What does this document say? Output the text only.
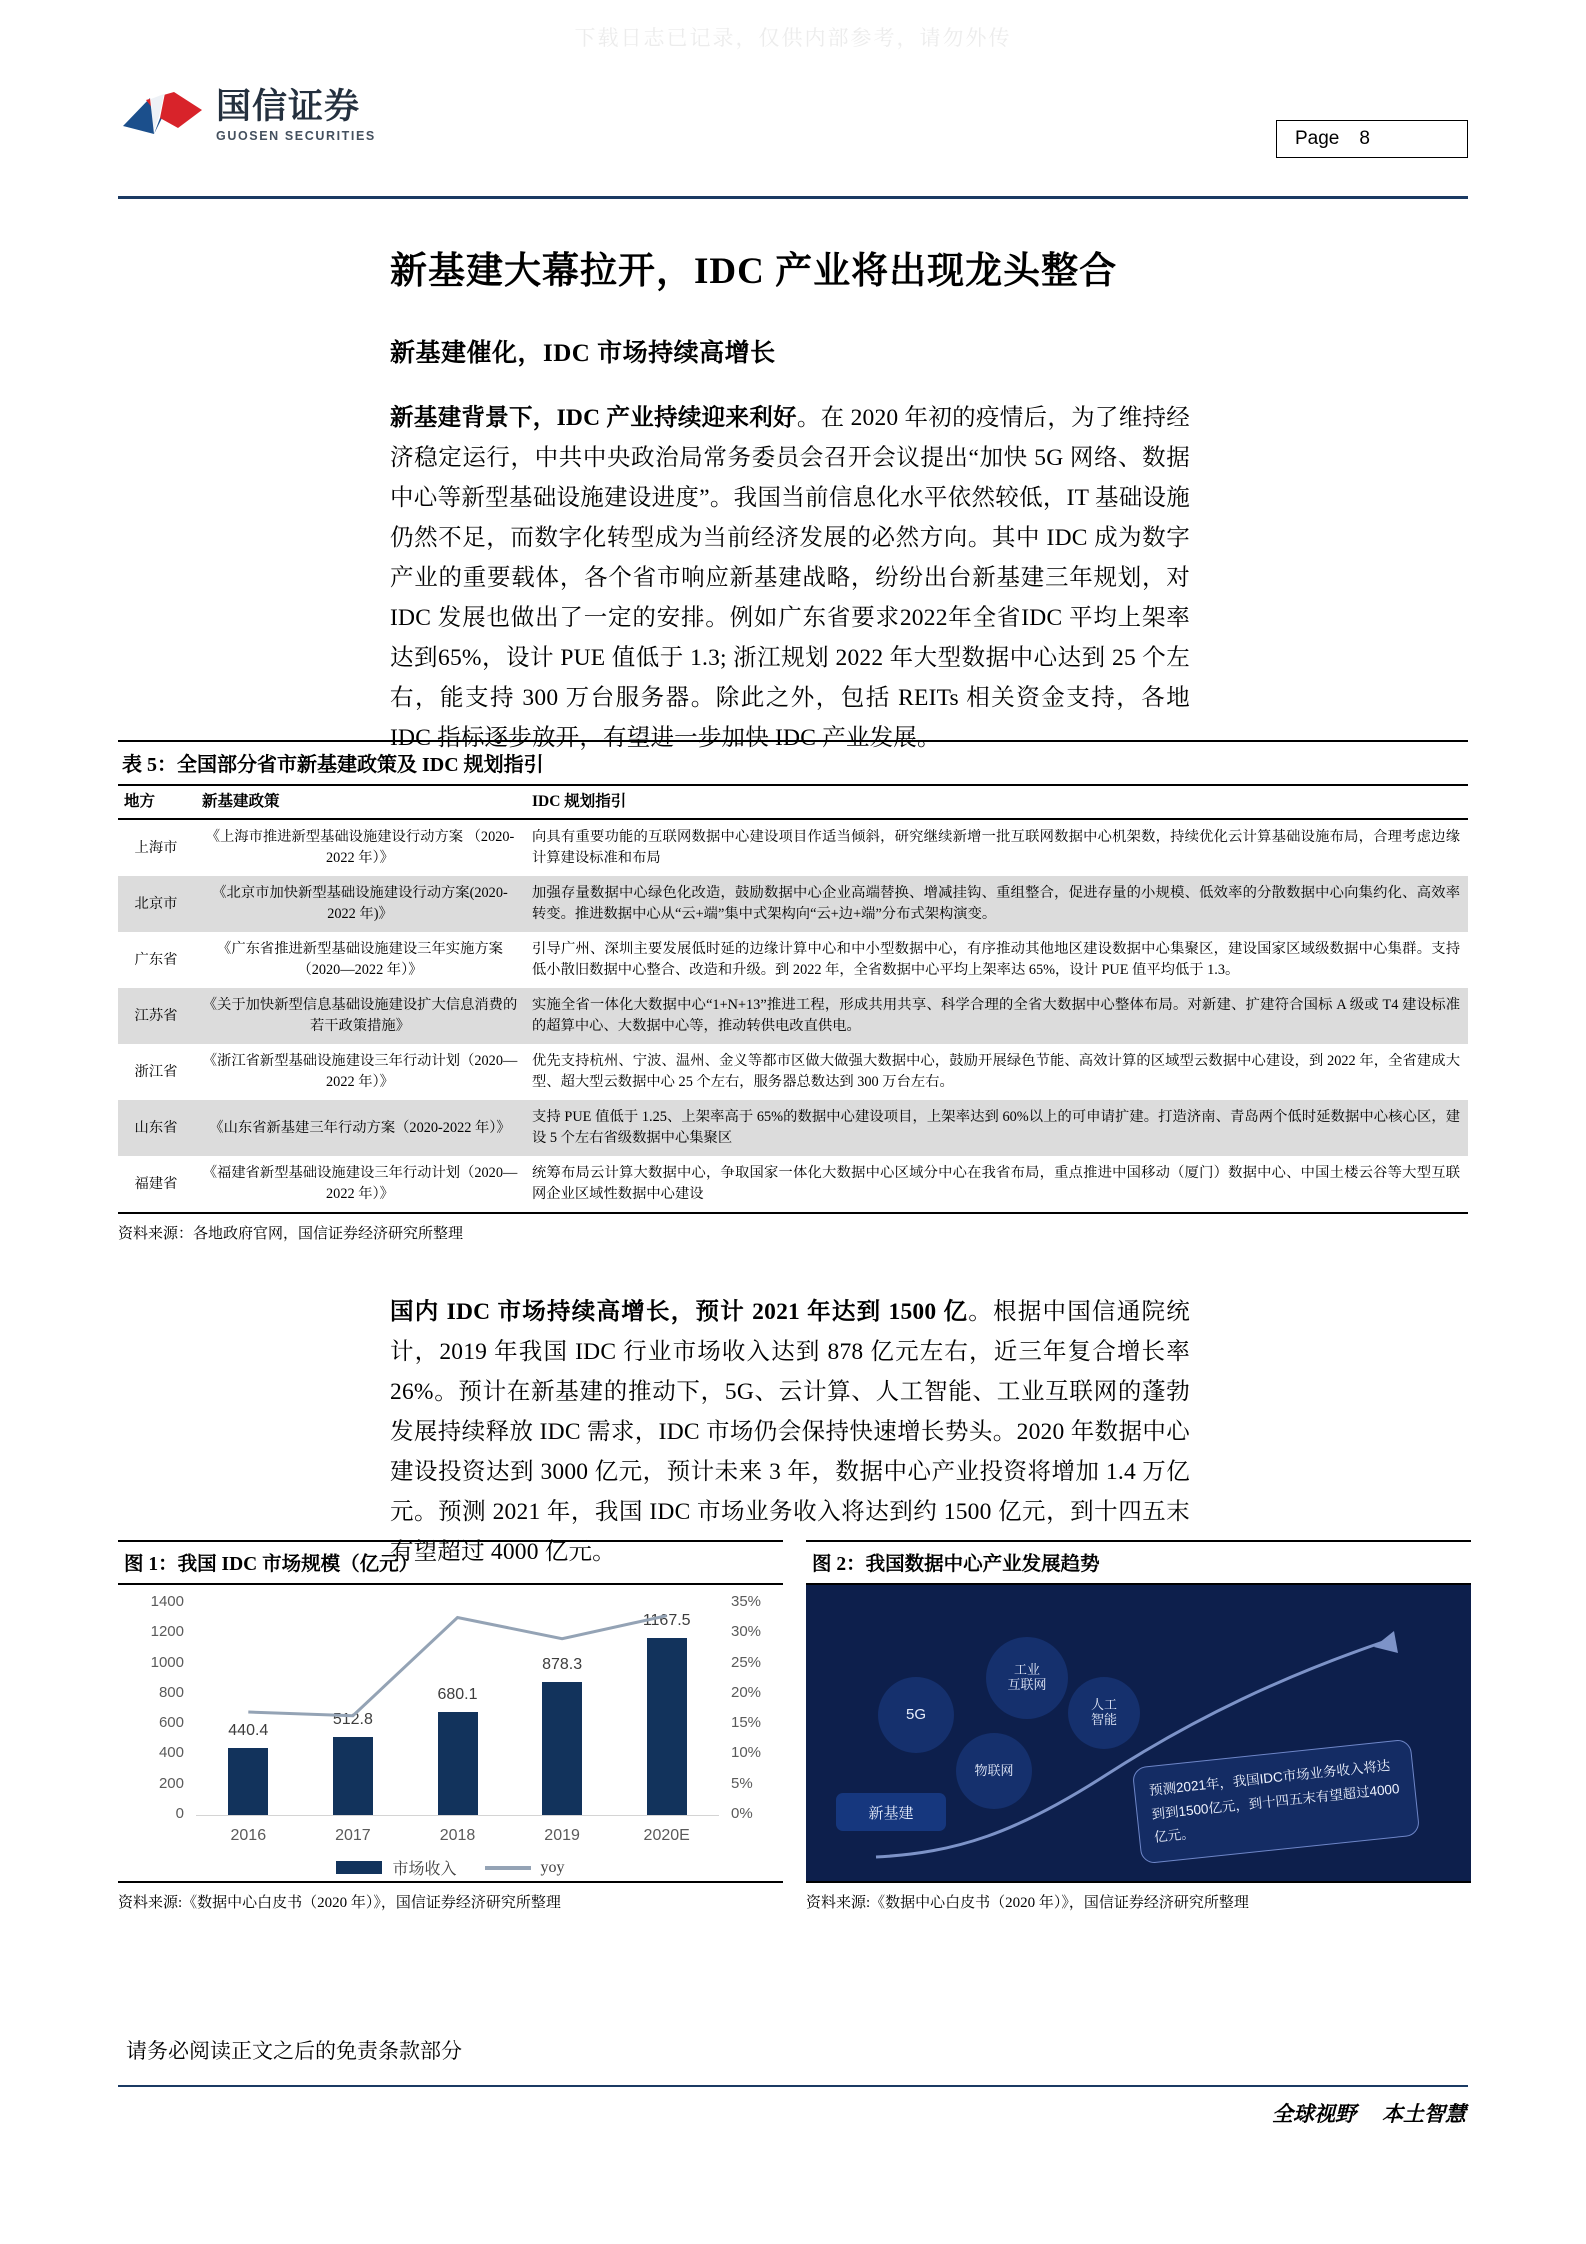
下载日志已记录，仅供内部参考，请勿外传
国信证券
GUOSEN SECURITIES	Page 8
新基建大幕拉开，IDC 产业将出现龙头整合
新基建催化，IDC 市场持续高增长
新基建背景下，IDC 产业持续迎来利好。在 2020 年初的疫情后，为了维持经济稳定运行，中共中央政治局常务委员会召开会议提出“加快 5G 网络、数据中心等新型基础设施建设进度”。我国当前信息化水平依然较低，IT 基础设施仍然不足，而数字化转型成为当前经济发展的必然方向。其中 IDC 成为数字产业的重要载体，各个省市响应新基建战略，纷纷出台新基建三年规划，对 IDC 发展也做出了一定的安排。例如广东省要求2022年全省IDC 平均上架率达到65%，设计 PUE 值低于 1.3; 浙江规划 2022 年大型数据中心达到 25 个左右，能支持 300 万台服务器。除此之外，包括 REITs 相关资金支持，各地 IDC 指标逐步放开，有望进一步加快 IDC 产业发展。
表 5：全国部分省市新基建政策及 IDC 规划指引
地方	新基建政策	IDC 规划指引
上海市	《上海市推进新型基础设施建设行动方案 （2020-2022 年）》	向具有重要功能的互联网数据中心建设项目作适当倾斜，研究继续新增一批互联网数据中心机架数，持续优化云计算基础设施布局，合理考虑边缘计算建设标准和布局
北京市	《北京市加快新型基础设施建设行动方案(2020-2022 年)》	加强存量数据中心绿色化改造，鼓励数据中心企业高端替换、增减挂钩、重组整合，促进存量的小规模、低效率的分散数据中心向集约化、高效率转变。推进数据中心从“云+端”集中式架构向“云+边+端”分布式架构演变。
广东省	《广东省推进新型基础设施建设三年实施方案（2020—2022 年）》	引导广州、深圳主要发展低时延的边缘计算中心和中小型数据中心，有序推动其他地区建设数据中心集聚区，建设国家区域级数据中心集群。支持低小散旧数据中心整合、改造和升级。到 2022 年，全省数据中心平均上架率达 65%，设计 PUE 值平均低于 1.3。
江苏省	《关于加快新型信息基础设施建设扩大信息消费的若干政策措施》	实施全省一体化大数据中心“1+N+13”推进工程，形成共用共享、科学合理的全省大数据中心整体布局。对新建、扩建符合国标 A 级或 T4 建设标准的超算中心、大数据中心等，推动转供电改直供电。
浙江省	《浙江省新型基础设施建设三年行动计划（2020—2022 年）》	优先支持杭州、宁波、温州、金义等都市区做大做强大数据中心，鼓励开展绿色节能、高效计算的区域型云数据中心建设，到 2022 年，全省建成大型、超大型云数据中心 25 个左右，服务器总数达到 300 万台左右。
山东省	《山东省新基建三年行动方案（2020-2022 年）》	支持 PUE 值低于 1.25、上架率高于 65%的数据中心建设项目，上架率达到 60%以上的可申请扩建。打造济南、青岛两个低时延数据中心核心区，建设 5 个左右省级数据中心集聚区
福建省	《福建省新型基础设施建设三年行动计划（2020—2022 年）》	统筹布局云计算大数据中心，争取国家一体化大数据中心区域分中心在我省布局，重点推进中国移动（厦门）数据中心、中国土楼云谷等大型互联网企业区域性数据中心建设
资料来源：各地政府官网，国信证券经济研究所整理
国内 IDC 市场持续高增长，预计 2021 年达到 1500 亿。根据中国信通院统计，2019 年我国 IDC 行业市场收入达到 878 亿元左右，近三年复合增长率 26%。预计在新基建的推动下，5G、云计算、人工智能、工业互联网的蓬勃发展持续释放 IDC 需求，IDC 市场仍会保持快速增长势头。2020 年数据中心建设投资达到 3000 亿元，预计未来 3 年，数据中心产业投资将增加 1.4 万亿元。预测 2021 年，我国 IDC 市场业务收入将达到约 1500 亿元，到十四五末有望超过 4000 亿元。
图 1：我国 IDC 市场规模（亿元）
0
200
400
600
800
1000
1200
1400
0%
5%
10%
15%
20%
25%
30%
35%
440.4
2016
512.8
2017
680.1
2018
878.3
2019
1167.5
2020E
市场收入	yoy
资料来源:《数据中心白皮书（2020 年）》，国信证券经济研究所整理
图 2：我国数据中心产业发展趋势
5G
工业
互联网
人工
智能
物联网
新基建
预测2021年，我国IDC市场业务收入将达到到1500亿元，到十四五末有望超过4000亿元。
资料来源:《数据中心白皮书（2020 年）》，国信证券经济研究所整理
请务必阅读正文之后的免责条款部分
全球视野 本土智慧
